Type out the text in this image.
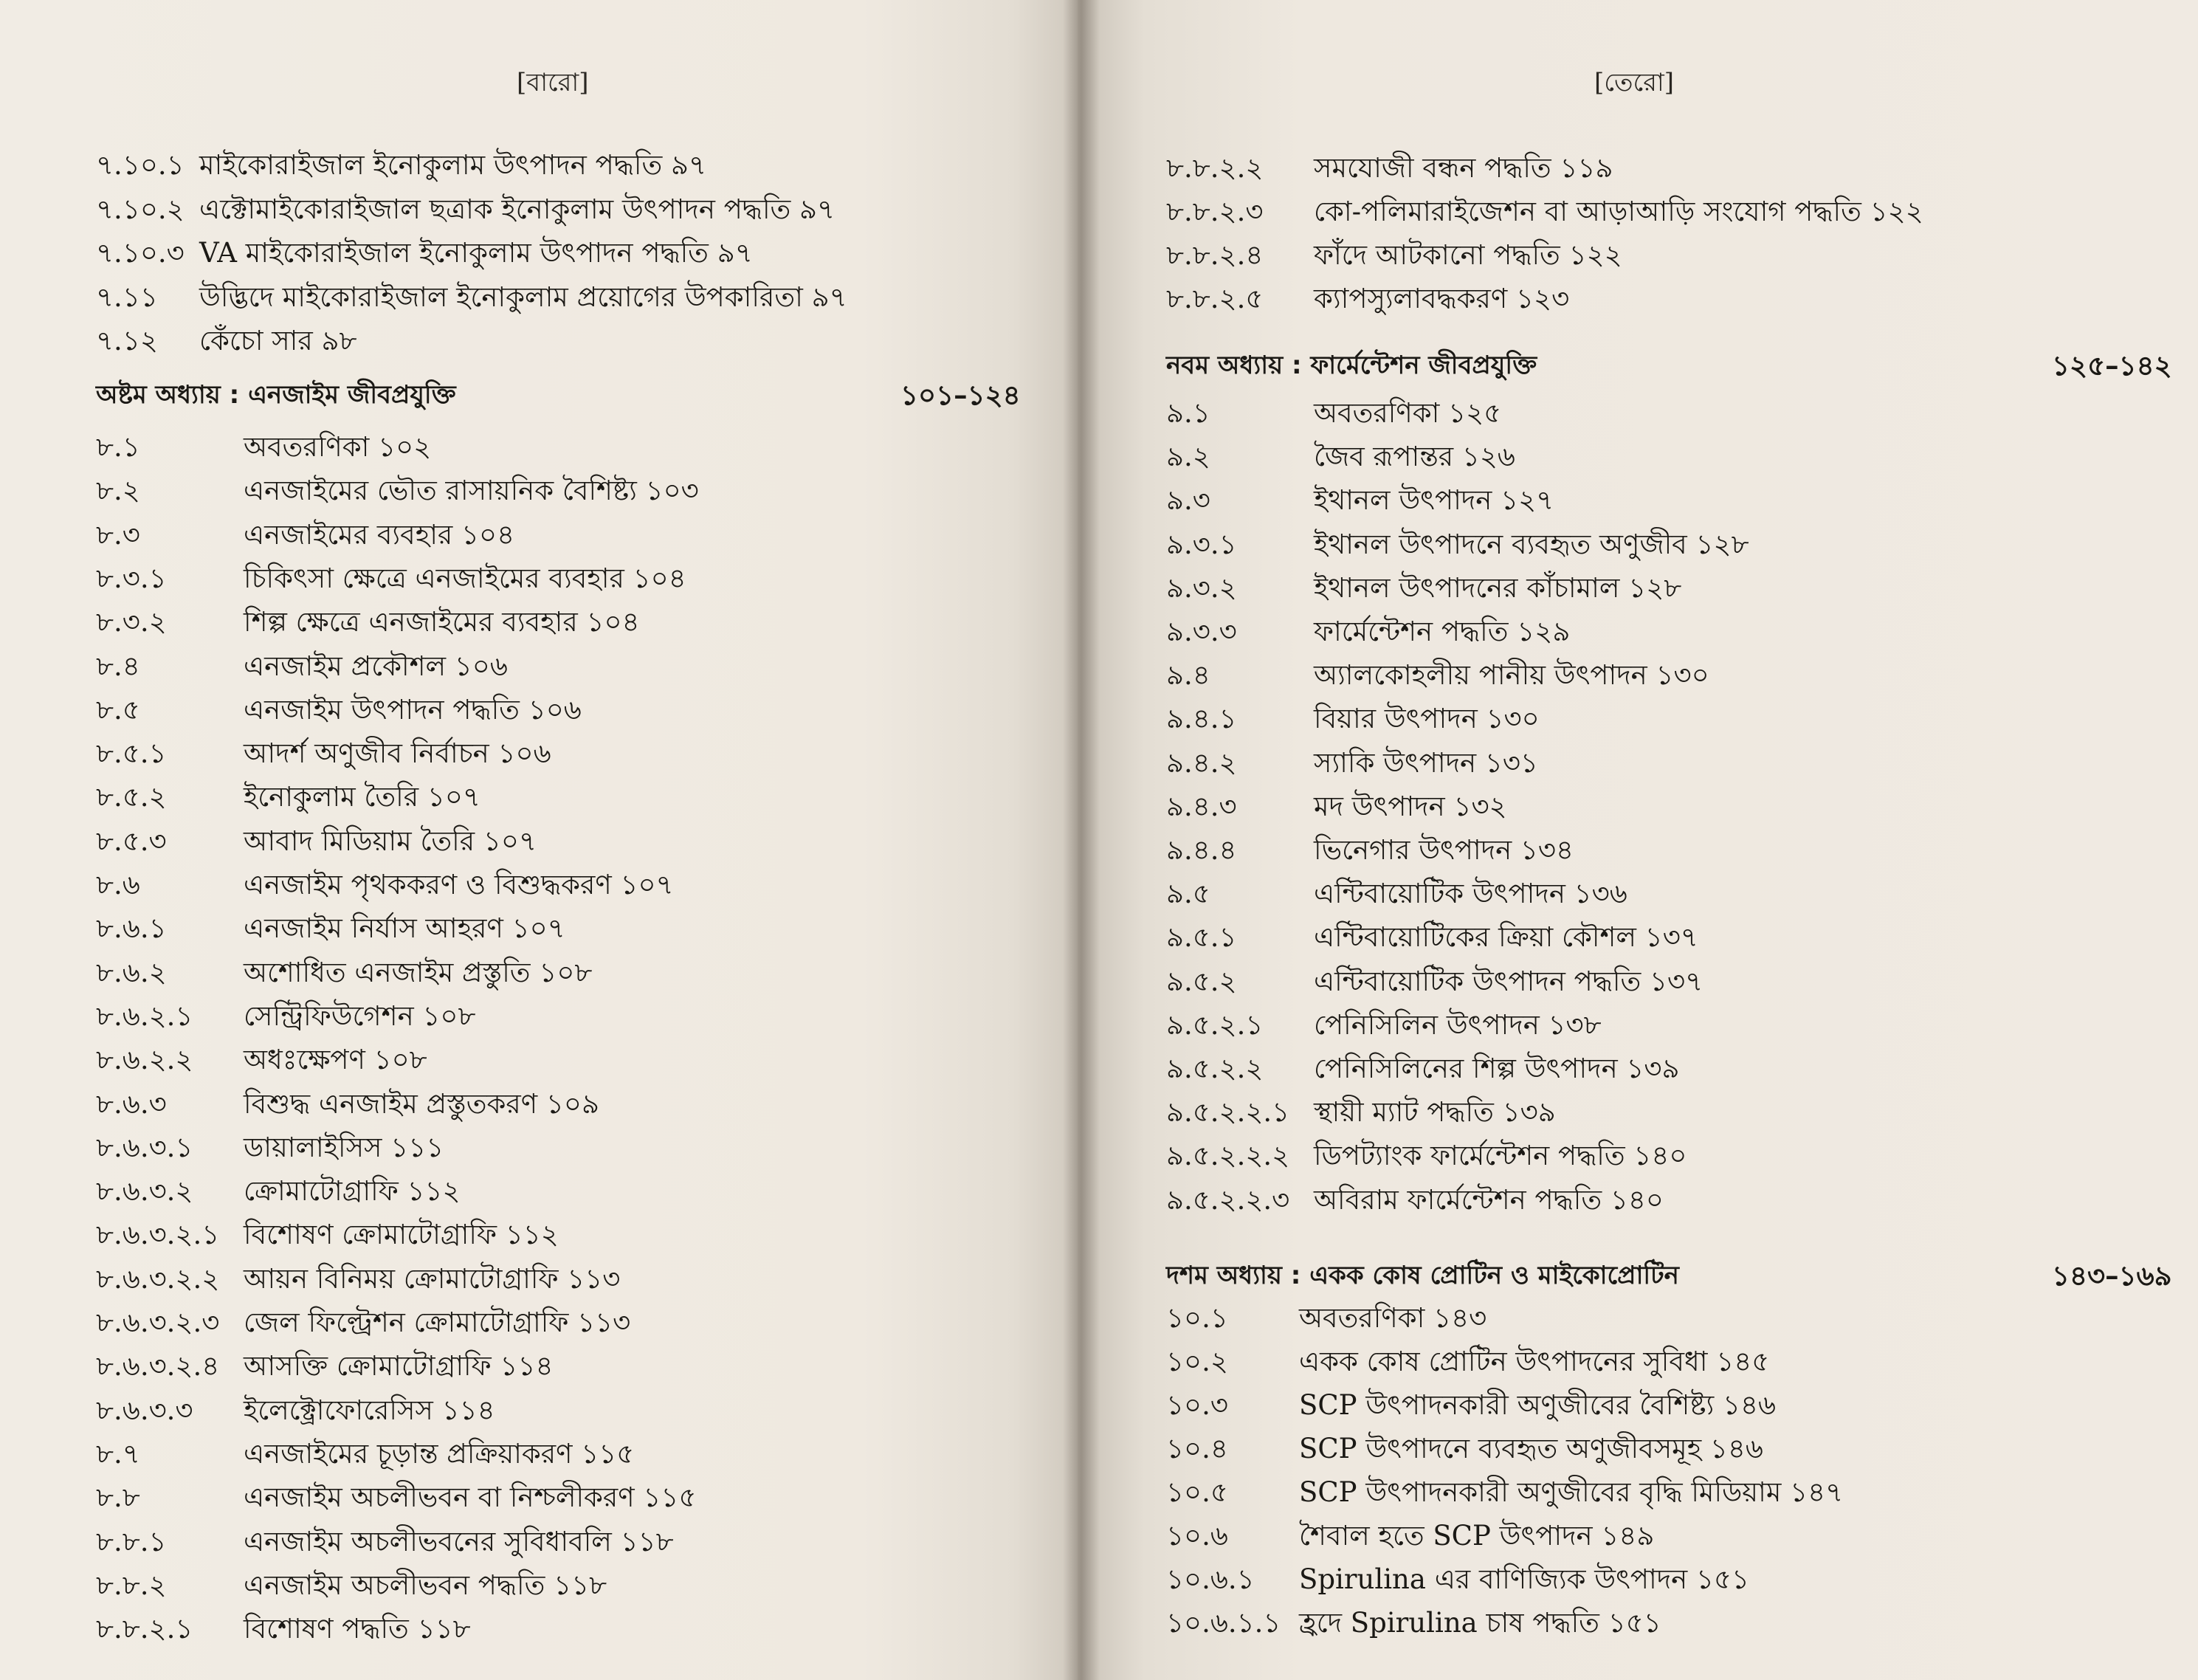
[বারো]
৭.১০.১ মাইকোরাইজাল ইনোকুলাম উৎপাদন পদ্ধতি ৯৭
৭.১০.২ এক্টোমাইকোরাইজাল ছত্রাক ইনোকুলাম উৎপাদন পদ্ধতি ৯৭
৭.১০.৩ VA মাইকোরাইজাল ইনোকুলাম উৎপাদন পদ্ধতি ৯৭
৭.১১ উদ্ভিদে মাইকোরাইজাল ইনোকুলাম প্রয়োগের উপকারিতা ৯৭
৭.১২ কেঁচো সার ৯৮
অষ্টম অধ্যায় : এনজাইম জীবপ্রযুক্তি	১০১–১২৪
৮.১	অবতরণিকা ১০২
৮.২	এনজাইমের ভৌত রাসায়নিক বৈশিষ্ট্য ১০৩
৮.৩	এনজাইমের ব্যবহার ১০৪
৮.৩.১	চিকিৎসা ক্ষেত্রে এনজাইমের ব্যবহার ১০৪
৮.৩.২	শিল্প ক্ষেত্রে এনজাইমের ব্যবহার ১০৪
৮.৪	এনজাইম প্রকৌশল ১০৬
৮.৫	এনজাইম উৎপাদন পদ্ধতি ১০৬
৮.৫.১	আদর্শ অণুজীব নির্বাচন ১০৬
৮.৫.২	ইনোকুলাম তৈরি ১০৭
৮.৫.৩	আবাদ মিডিয়াম তৈরি ১০৭
৮.৬	এনজাইম পৃথককরণ ও বিশুদ্ধকরণ ১০৭
৮.৬.১	এনজাইম নির্যাস আহরণ ১০৭
৮.৬.২	অশোধিত এনজাইম প্রস্তুতি ১০৮
৮.৬.২.১ সেন্ট্রিফিউগেশন ১০৮
৮.৬.২.২ অধঃক্ষেপণ ১০৮
৮.৬.৩	বিশুদ্ধ এনজাইম প্রস্তুতকরণ ১০৯
৮.৬.৩.১ ডায়ালাইসিস ১১১
৮.৬.৩.২ ক্রোমাটোগ্রাফি ১১২
৮.৬.৩.২.১ বিশোষণ ক্রোমাটোগ্রাফি ১১২
৮.৬.৩.২.২ আয়ন বিনিময় ক্রোমাটোগ্রাফি ১১৩
৮.৬.৩.২.৩ জেল ফিল্ট্রেশন ক্রোমাটোগ্রাফি ১১৩
৮.৬.৩.২.৪ আসক্তি ক্রোমাটোগ্রাফি ১১৪
৮.৬.৩.৩ ইলেক্ট্রোফোরেসিস ১১৪
৮.৭	এনজাইমের চূড়ান্ত প্রক্রিয়াকরণ ১১৫
৮.৮	এনজাইম অচলীভবন বা নিশ্চলীকরণ ১১৫
৮.৮.১	এনজাইম অচলীভবনের সুবিধাবলি ১১৮
৮.৮.২	এনজাইম অচলীভবন পদ্ধতি ১১৮
৮.৮.২.১ বিশোষণ পদ্ধতি ১১৮
[তেরো]
৮.৮.২.২ সমযোজী বন্ধন পদ্ধতি ১১৯
৮.৮.২.৩ কো-পলিমারাইজেশন বা আড়াআড়ি সংযোগ পদ্ধতি ১২২
৮.৮.২.৪ ফাঁদে আটকানো পদ্ধতি ১২২
৮.৮.২.৫ ক্যাপস্যুলাবদ্ধকরণ ১২৩
নবম অধ্যায় : ফার্মেন্টেশন জীবপ্রযুক্তি	১২৫–১৪২
৯.১	অবতরণিকা ১২৫
৯.২	জৈব রূপান্তর ১২৬
৯.৩	ইথানল উৎপাদন ১২৭
৯.৩.১	ইথানল উৎপাদনে ব্যবহৃত অণুজীব ১২৮
৯.৩.২	ইথানল উৎপাদনের কাঁচামাল ১২৮
৯.৩.৩	ফার্মেন্টেশন পদ্ধতি ১২৯
৯.৪	অ্যালকোহলীয় পানীয় উৎপাদন ১৩০
৯.৪.১	বিয়ার উৎপাদন ১৩০
৯.৪.২	স্যাকি উৎপাদন ১৩১
৯.৪.৩	মদ উৎপাদন ১৩২
৯.৪.৪	ভিনেগার উৎপাদন ১৩৪
৯.৫	এন্টিবায়োটিক উৎপাদন ১৩৬
৯.৫.১	এন্টিবায়োটিকের ক্রিয়া কৌশল ১৩৭
৯.৫.২	এন্টিবায়োটিক উৎপাদন পদ্ধতি ১৩৭
৯.৫.২.১ পেনিসিলিন উৎপাদন ১৩৮
৯.৫.২.২ পেনিসিলিনের শিল্প উৎপাদন ১৩৯
৯.৫.২.২.১ স্থায়ী ম্যাট পদ্ধতি ১৩৯
৯.৫.২.২.২ ডিপট্যাংক ফার্মেন্টেশন পদ্ধতি ১৪০
৯.৫.২.২.৩ অবিরাম ফার্মেন্টেশন পদ্ধতি ১৪০
দশম অধ্যায় : একক কোষ প্রোটিন ও মাইকোপ্রোটিন	১৪৩–১৬৯
১০.১	অবতরণিকা ১৪৩
১০.২	একক কোষ প্রোটিন উৎপাদনের সুবিধা ১৪৫
১০.৩	SCP উৎপাদনকারী অণুজীবের বৈশিষ্ট্য ১৪৬
১০.৪	SCP উৎপাদনে ব্যবহৃত অণুজীবসমূহ ১৪৬
১০.৫	SCP উৎপাদনকারী অণুজীবের বৃদ্ধি মিডিয়াম ১৪৭
১০.৬	শৈবাল হতে SCP উৎপাদন ১৪৯
১০.৬.১ Spirulina এর বাণিজ্যিক উৎপাদন ১৫১
১০.৬.১.১ হ্রদে Spirulina চাষ পদ্ধতি ১৫১
